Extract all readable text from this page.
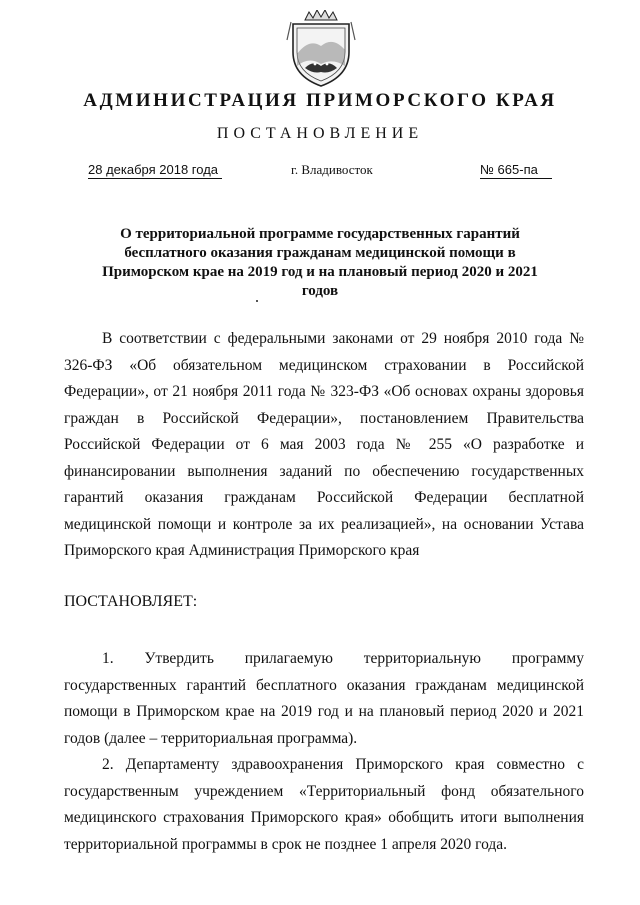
АДМИНИСТРАЦИЯ ПРИМОРСКОГО КРАЯ
ПОСТАНОВЛЕНИЕ
28 декабря 2018 года	г. Владивосток	№ 665-па
О территориальной программе государственных гарантий бесплатного оказания гражданам медицинской помощи в Приморском крае на 2019 год и на плановый период 2020 и 2021 годов
В соответствии с федеральными законами от 29 ноября 2010 года № 326-ФЗ «Об обязательном медицинском страховании в Российской Федерации», от 21 ноября 2011 года № 323-ФЗ «Об основах охраны здоровья граждан в Российской Федерации», постановлением Правительства Российской Федерации от 6 мая 2003 года № 255 «О разработке и финансировании выполнения заданий по обеспечению государственных гарантий оказания гражданам Российской Федерации бесплатной медицинской помощи и контроле за их реализацией», на основании Устава Приморского края Администрация Приморского края
ПОСТАНОВЛЯЕТ:
1. Утвердить прилагаемую территориальную программу государственных гарантий бесплатного оказания гражданам медицинской помощи в Приморском крае на 2019 год и на плановый период 2020 и 2021 годов (далее – территориальная программа).
2. Департаменту здравоохранения Приморского края совместно с государственным учреждением «Территориальный фонд обязательного медицинского страхования Приморского края» обобщить итоги выполнения территориальной программы в срок не позднее 1 апреля 2020 года.
